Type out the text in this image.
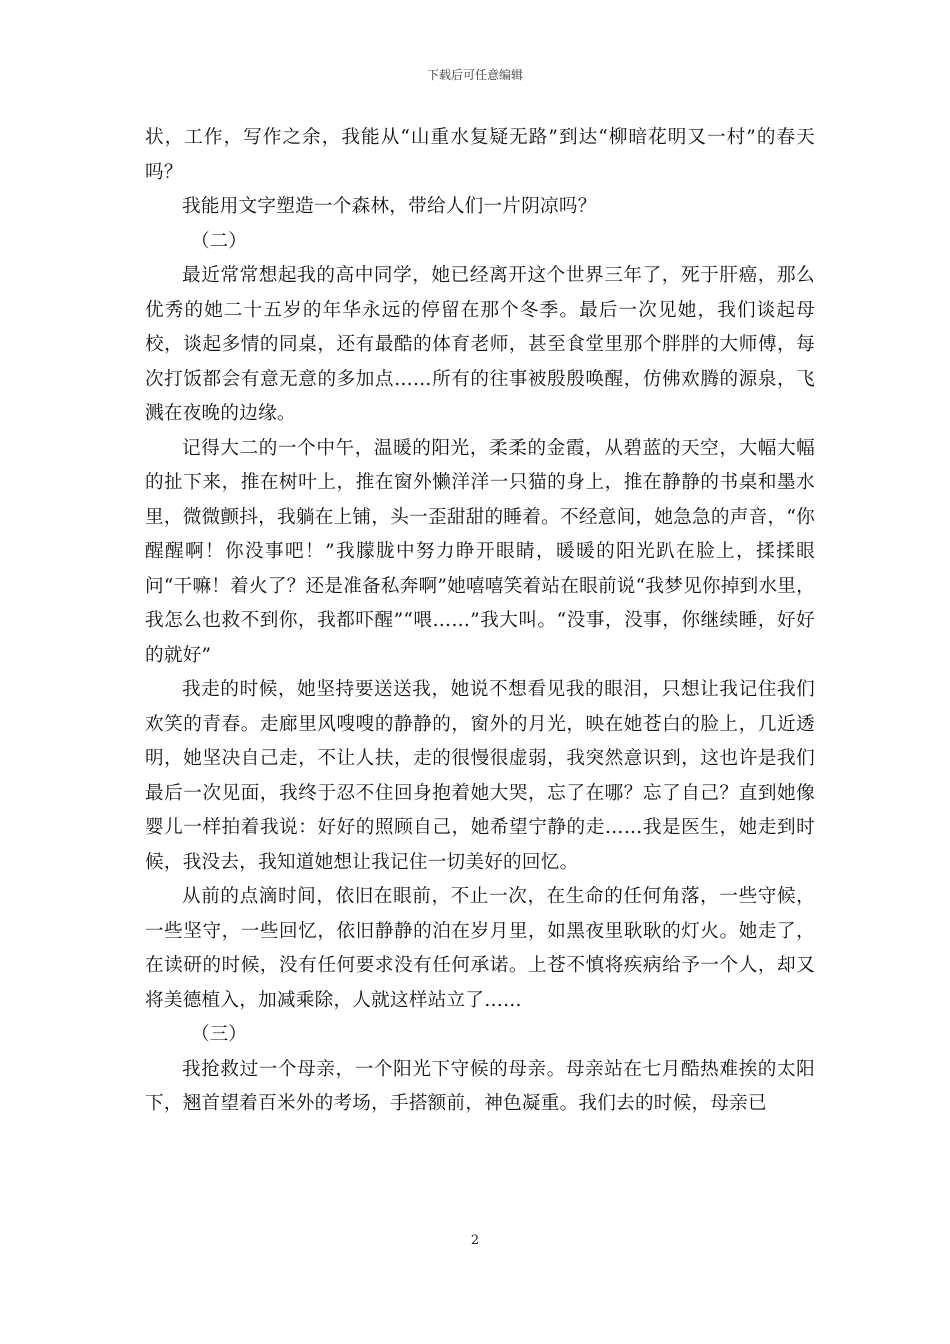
下载后可任意编辑

状，工作，写作之余，我能从“山重水复疑无路”到达“柳暗花明又一村”的春天吗？

我能用文字塑造一个森林，带给人们一片阴凉吗？

（二）

最近常常想起我的高中同学，她已经离开这个世界三年了，死于肝癌，那么优秀的她二十五岁的年华永远的停留在那个冬季。最后一次见她，我们谈起母校，谈起多情的同桌，还有最酷的体育老师，甚至食堂里那个胖胖的大师傅，每次打饭都会有意无意的多加点……所有的往事被殷殷唤醒，仿佛欢腾的源泉，飞溅在夜晚的边缘。

记得大二的一个中午，温暖的阳光，柔柔的金霞，从碧蓝的天空，大幅大幅的扯下来，推在树叶上，推在窗外懒洋洋一只猫的身上，推在静静的书桌和墨水里，微微颤抖，我躺在上铺，头一歪甜甜的睡着。不经意间，她急急的声音，“你醒醒啊！你没事吧！”我朦胧中努力睁开眼睛，暖暖的阳光趴在脸上，揉揉眼问“干嘛！着火了？还是准备私奔啊”她嘻嘻笑着站在眼前说“我梦见你掉到水里，我怎么也救不到你，我都吓醒”“喂……”我大叫。“没事，没事，你继续睡，好好的就好”

我走的时候，她坚持要送送我，她说不想看见我的眼泪，只想让我记住我们欢笑的青春。走廊里风嗖嗖的静静的，窗外的月光，映在她苍白的脸上，几近透明，她坚决自己走，不让人扶，走的很慢很虚弱，我突然意识到，这也许是我们最后一次见面，我终于忍不住回身抱着她大哭，忘了在哪？忘了自己？直到她像婴儿一样拍着我说：好好的照顾自己，她希望宁静的走……我是医生，她走到时候，我没去，我知道她想让我记住一切美好的回忆。

从前的点滴时间，依旧在眼前，不止一次，在生命的任何角落，一些守候，一些坚守，一些回忆，依旧静静的泊在岁月里，如黑夜里耿耿的灯火。她走了，在读研的时候，没有任何要求没有任何承诺。上苍不慎将疾病给予一个人，却又将美德植入，加减乘除，人就这样站立了……

（三）

我抢救过一个母亲，一个阳光下守候的母亲。母亲站在七月酷热难挨的太阳下，翘首望着百米外的考场，手搭额前，神色凝重。我们去的时候，母亲已

2
